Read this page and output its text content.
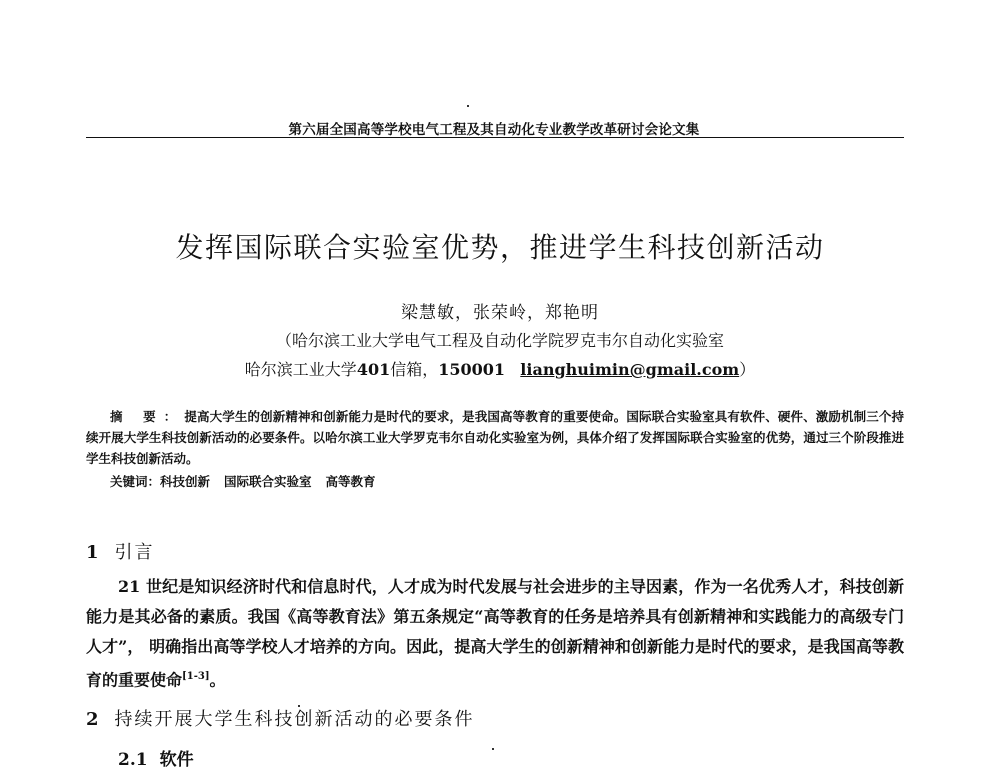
第六届全国高等学校电气工程及其自动化专业教学改革研讨会论文集
发挥国际联合实验室优势，推进学生科技创新活动
梁慧敏，张荣岭，郑艳明
（哈尔滨工业大学电气工程及自动化学院罗克韦尔自动化实验室
哈尔滨工业大学401信箱，150001 lianghuimin@gmail.com）

摘 要：提高大学生的创新精神和创新能力是时代的要求，是我国高等教育的重要使命。国际联合实验室具有软件、硬件、激励机制三个持续开展大学生科技创新活动的必要条件。以哈尔滨工业大学罗克韦尔自动化实验室为例，具体介绍了发挥国际联合实验室的优势，通过三个阶段推进学生科技创新活动。

关键词：科技创新 国际联合实验室 高等教育
1 引言

21 世纪是知识经济时代和信息时代，人才成为时代发展与社会进步的主导因素，作为一名优秀人才，科技创新能力是其必备的素质。我国《高等教育法》第五条规定“高等教育的任务是培养具有创新精神和实践能力的高级专门人才”， 明确指出高等学校人才培养的方向。因此，提高大学生的创新精神和创新能力是时代的要求，是我国高等教育的重要使命[1-3]。

2 持续开展大学生科技创新活动的必要条件
2.1 软件
